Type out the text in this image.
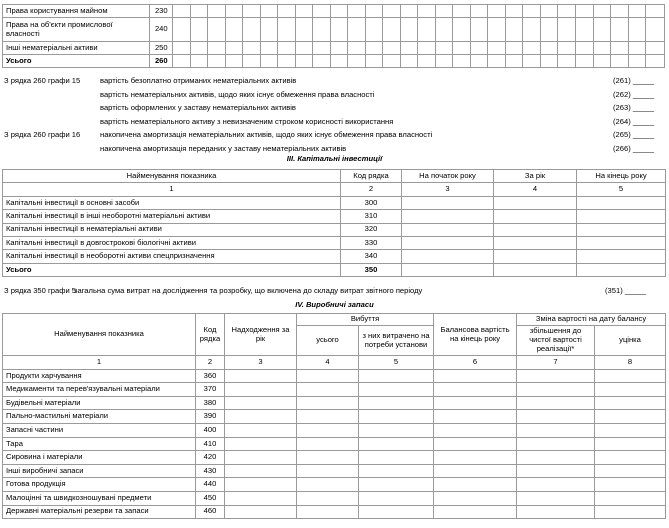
Права користування майном	230																												
Права на об'єкти промислової власності	240																												
Інші нематеріальні активи	250																												
Усього	260																												
З рядка 260 графи 15	вартість безоплатно отриманих нематеріальних активів	(261) _____
вартість нематеріальних активів, щодо яких існує обмеження права власності	(262) _____
вартість оформлених у заставу нематеріальних активів	(263) _____
вартість нематеріального активу з невизначеним строком корисності використання	(264) _____
З рядка 260 графи 16	накопичена амортизація нематеріальних активів, щодо яких існує обмеження права власності	(265) _____
накопичена амортизація переданих у заставу нематеріальних активів	(266) _____
III. Капітальні інвестиції
Найменування показника	Код рядка	На початок року	За рік	На кінець року
1	2	3	4	5
Капітальні інвестиції в основні засоби	300			
Капітальні інвестиції в інші необоротні матеріальні активи	310			
Капітальні інвестиції в нематеріальні активи	320			
Капітальні інвестиції в довгострокові біологічні активи	330			
Капітальні інвестиції в необоротні активи спецпризначення	340			
Усього	350			
З рядка 350 графи 5
загальна сума витрат на дослідження та розробку, що включена до складу витрат звітного періоду	(351) _____
IV. Виробничі запаси
Найменування показника	Код рядка	Надходження за рік	Вибуття		Балансова вартість на кінець року	Зміна вартості на дату балансу	
			усього	з них витрачено на потреби установи		збільшення до чистої вартості реалізації*	уцінка
1	2	3	4	5	6	7	8
Продукти харчування	360						
Медикаменти та перев'язувальні матеріали	370						
Будівельні матеріали	380						
Пально-мастильні матеріали	390						
Запасні частини	400						
Тара	410						
Сировина і матеріали	420						
Інші виробничі запаси	430						
Готова продукція	440						
Малоцінні та швидкозношувані предмети	450						
Державні матеріальні резерви та запаси	460						
